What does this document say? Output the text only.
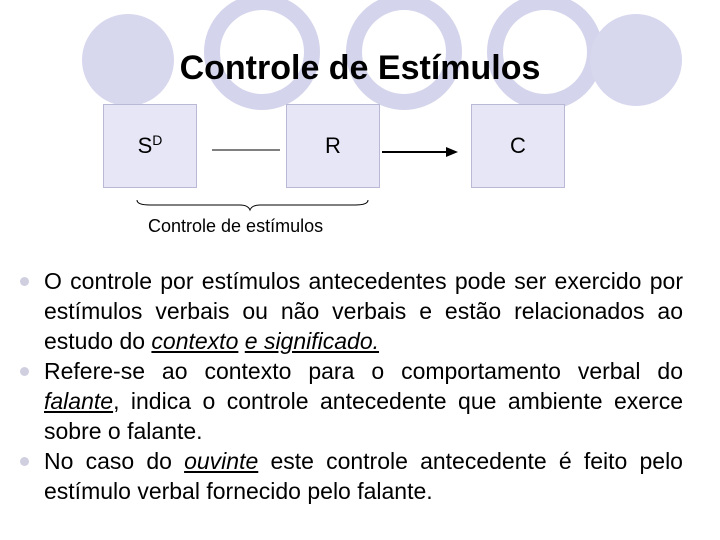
Controle de Estímulos
$S^D$	R	C
Controle de estímulos
O controle por estímulos antecedentes pode ser exercido por estímulos verbais ou não verbais e estão relacionados ao estudo do contexto e significado.
Refere-se ao contexto para o comportamento verbal do falante, indica o controle antecedente que ambiente exerce sobre o falante.
No caso do ouvinte este controle antecedente é feito pelo estímulo verbal fornecido pelo falante.
